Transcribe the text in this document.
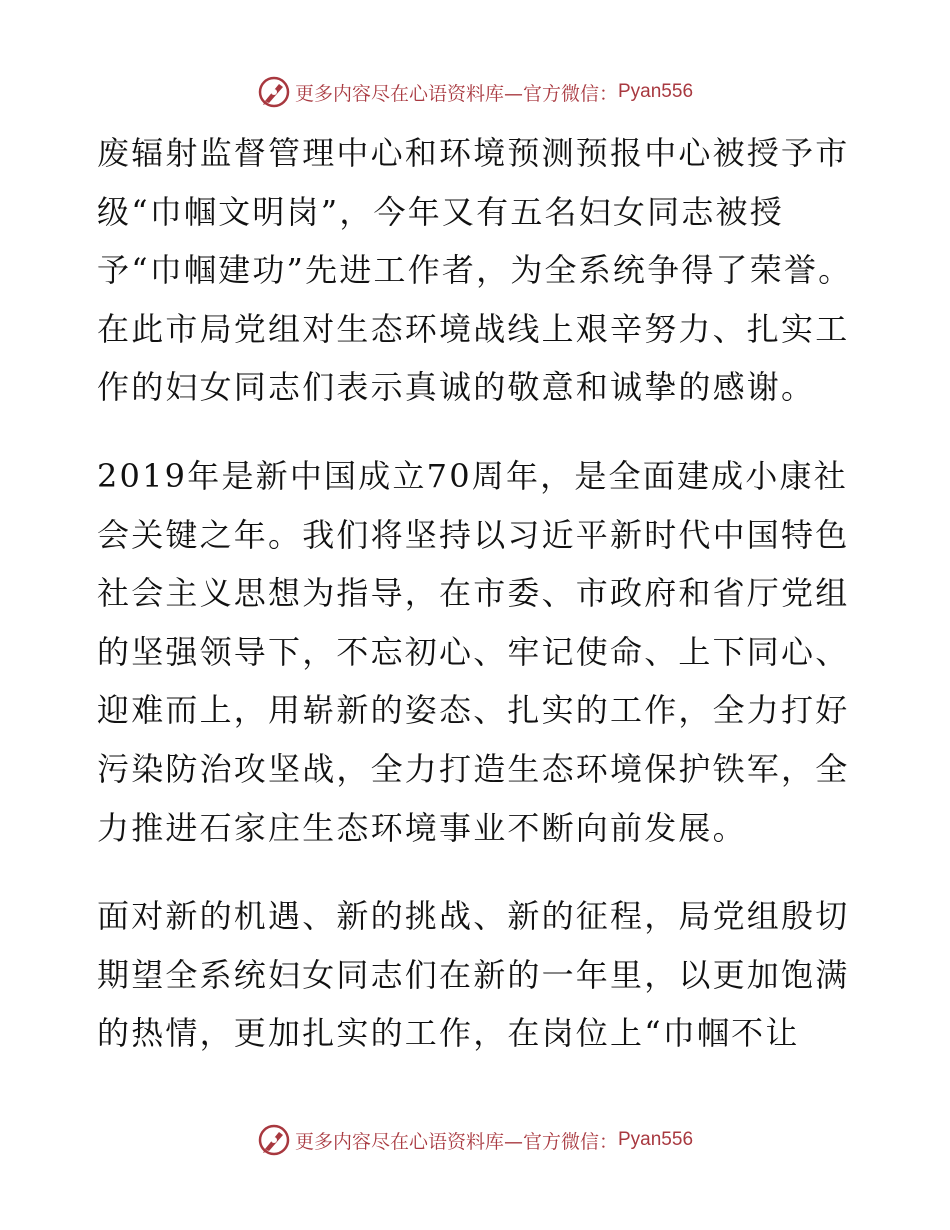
更多内容尽在心语资料库—官方微信： Pyan556

废辐射监督管理中心和环境预测预报中心被授予市级“巾帼文明岗”，今年又有五名妇女同志被授予“巾帼建功”先进工作者，为全系统争得了荣誉。在此市局党组对生态环境战线上艰辛努力、扎实工作的妇女同志们表示真诚的敬意和诚挚的感谢。

2019年是新中国成立70周年，是全面建成小康社会关键之年。我们将坚持以习近平新时代中国特色社会主义思想为指导，在市委、市政府和省厅党组的坚强领导下，不忘初心、牢记使命、上下同心、迎难而上，用崭新的姿态、扎实的工作，全力打好污染防治攻坚战，全力打造生态环境保护铁军，全力推进石家庄生态环境事业不断向前发展。

面对新的机遇、新的挑战、新的征程，局党组殷切期望全系统妇女同志们在新的一年里，以更加饱满的热情，更加扎实的工作，在岗位上“巾帼不让

更多内容尽在心语资料库—官方微信： Pyan556
